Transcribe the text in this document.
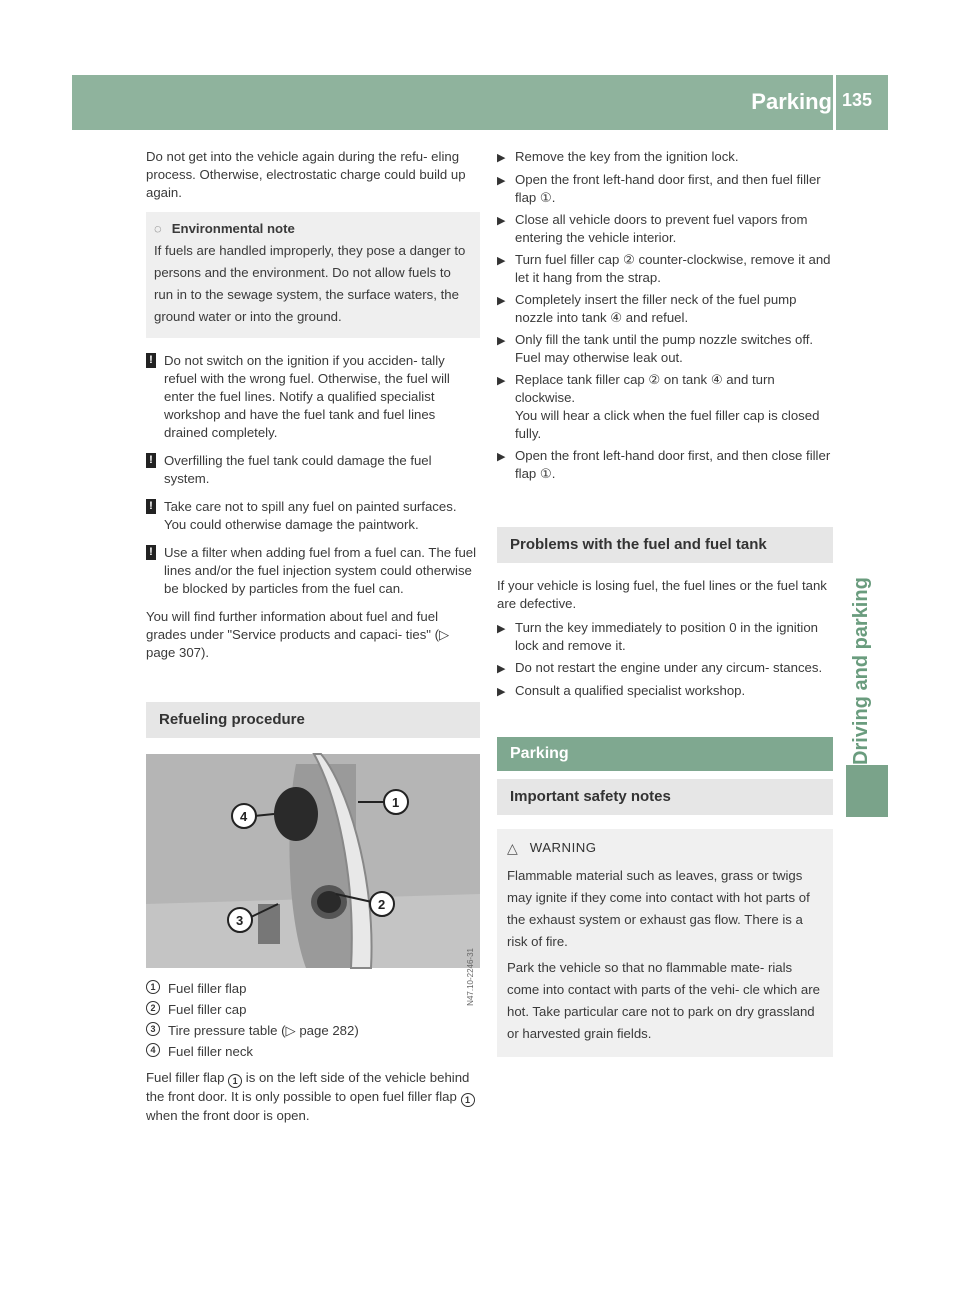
Parking 135
Driving and parking

Do not get into the vehicle again during the refu- eling process. Otherwise, electrostatic charge could build up again.

◌ Environmental note
If fuels are handled improperly, they pose a danger to persons and the environment. Do not allow fuels to run in to the sewage system, the surface waters, the ground water or into the ground.
! Do not switch on the ignition if you acciden- tally refuel with the wrong fuel. Otherwise, the fuel will enter the fuel lines. Notify a qualified specialist workshop and have the fuel tank and fuel lines drained completely.
! Overfilling the fuel tank could damage the fuel system.
! Take care not to spill any fuel on painted surfaces. You could otherwise damage the paintwork.
! Use a filter when adding fuel from a fuel can. The fuel lines and/or the fuel injection system could otherwise be blocked by particles from the fuel can.

You will find further information about fuel and fuel grades under "Service products and capaci- ties" (▷ page 307).

Refueling procedure
1
2
3
4
N47.10-2246-31
1 Fuel filler flap
2 Fuel filler cap
3 Tire pressure table (▷ page 282)
4 Fuel filler neck

Fuel filler flap 1 is on the left side of the vehicle behind the front door. It is only possible to open fuel filler flap 1 when the front door is open.

▶ Remove the key from the ignition lock.
▶ Open the front left-hand door first, and then fuel filler flap ①.
▶ Close all vehicle doors to prevent fuel vapors from entering the vehicle interior.
▶ Turn fuel filler cap ② counter-clockwise, remove it and let it hang from the strap.
▶ Completely insert the filler neck of the fuel pump nozzle into tank ④ and refuel.
▶ Only fill the tank until the pump nozzle switches off. Fuel may otherwise leak out.
▶ Replace tank filler cap ② on tank ④ and turn clockwise.
You will hear a click when the fuel filler cap is closed fully.
▶ Open the front left-hand door first, and then close filler flap ①.
Problems with the fuel and fuel tank

If your vehicle is losing fuel, the fuel lines or the fuel tank are defective.

▶ Turn the key immediately to position 0 in the ignition lock and remove it.
▶ Do not restart the engine under any circum- stances.
▶ Consult a qualified specialist workshop.
Parking
Important safety notes
△ WARNING
Flammable material such as leaves, grass or twigs may ignite if they come into contact with hot parts of the exhaust system or exhaust gas flow. There is a risk of fire.
Park the vehicle so that no flammable mate- rials come into contact with parts of the vehi- cle which are hot. Take particular care not to park on dry grassland or harvested grain fields.
